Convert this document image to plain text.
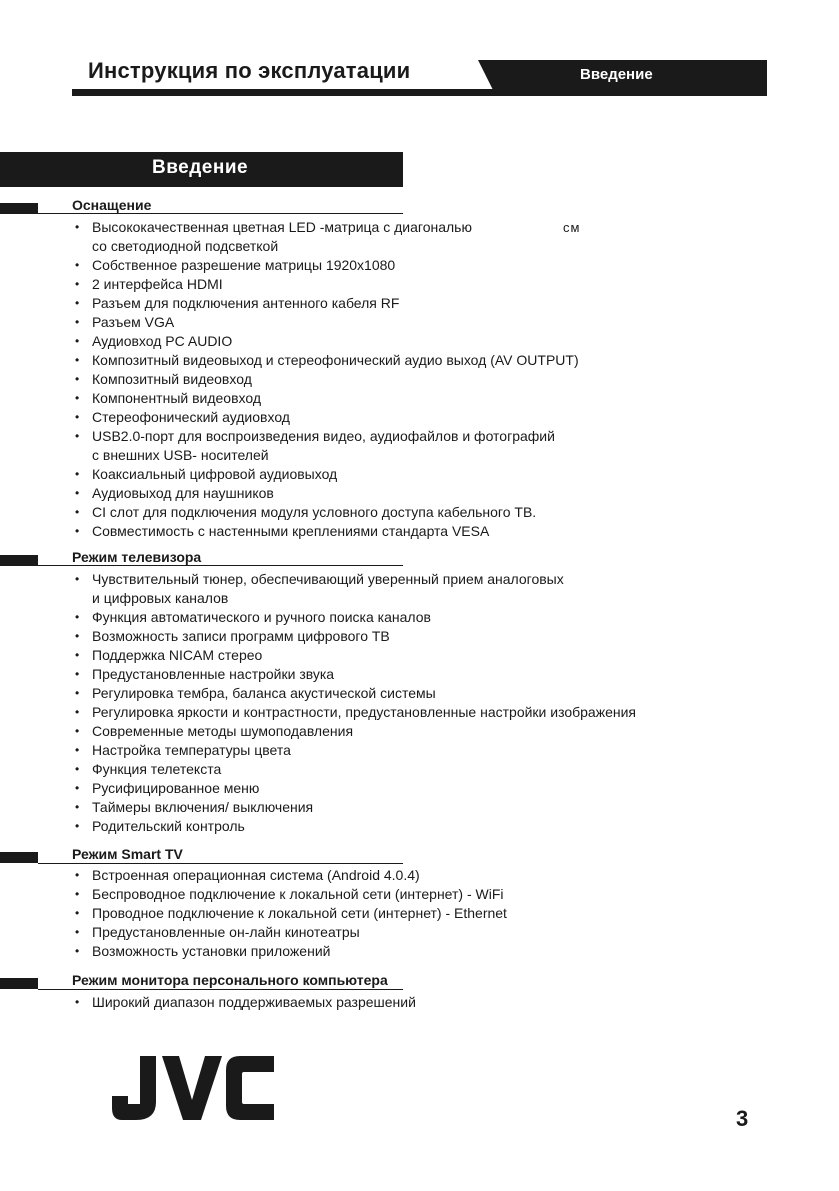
Инструкция по эксплуатации	Введение
Введение
Оснащение
• Высококачественная цветная LED -матрица с диагональю
со светодиодной подсветкой
• Собственное разрешение матрицы 1920х1080
• 2 интерфейса HDMI
• Разъем для подключения антенного кабеля RF
• Разъем VGA
• Аудиовход PC AUDIO
• Композитный видеовыход и стереофонический аудио выход (AV OUTPUT)
• Композитный видеовход
• Компонентный видеовход
• Стереофонический аудиовход
• USB2.0-порт для воспроизведения видео, аудиофайлов и фотографий
с внешних USB- носителей
• Коаксиальный цифровой аудиовыход
• Аудиовыход для наушников
• CI слот для подключения модуля условного доступа кабельного ТВ.
• Совместимость с настенными креплениями стандарта VESA
см
Режим телевизора
• Чувствительный тюнер, обеспечивающий уверенный прием аналоговых
и цифровых каналов
• Функция автоматического и ручного поиска каналов
• Возможность записи программ цифрового ТВ
• Поддержка NICAM стерео
• Предустановленные настройки звука
• Регулировка тембра, баланса акустической системы
• Регулировка яркости и контрастности, предустановленные настройки изображения
• Современные методы шумоподавления
• Настройка температуры цвета
• Функция телетекста
• Русифицированное меню
• Таймеры включения/ выключения
• Родительский контроль
Режим Smart TV
• Встроенная операционная система (Android 4.0.4)
• Беспроводное подключение к локальной сети (интернет) - WiFi
• Проводное подключение к локальной сети (интернет) - Ethernet
• Предустановленные он-лайн кинотеатры
• Возможность установки приложений
Режим монитора персонального компьютера
• Широкий диапазон поддерживаемых разрешений
3
